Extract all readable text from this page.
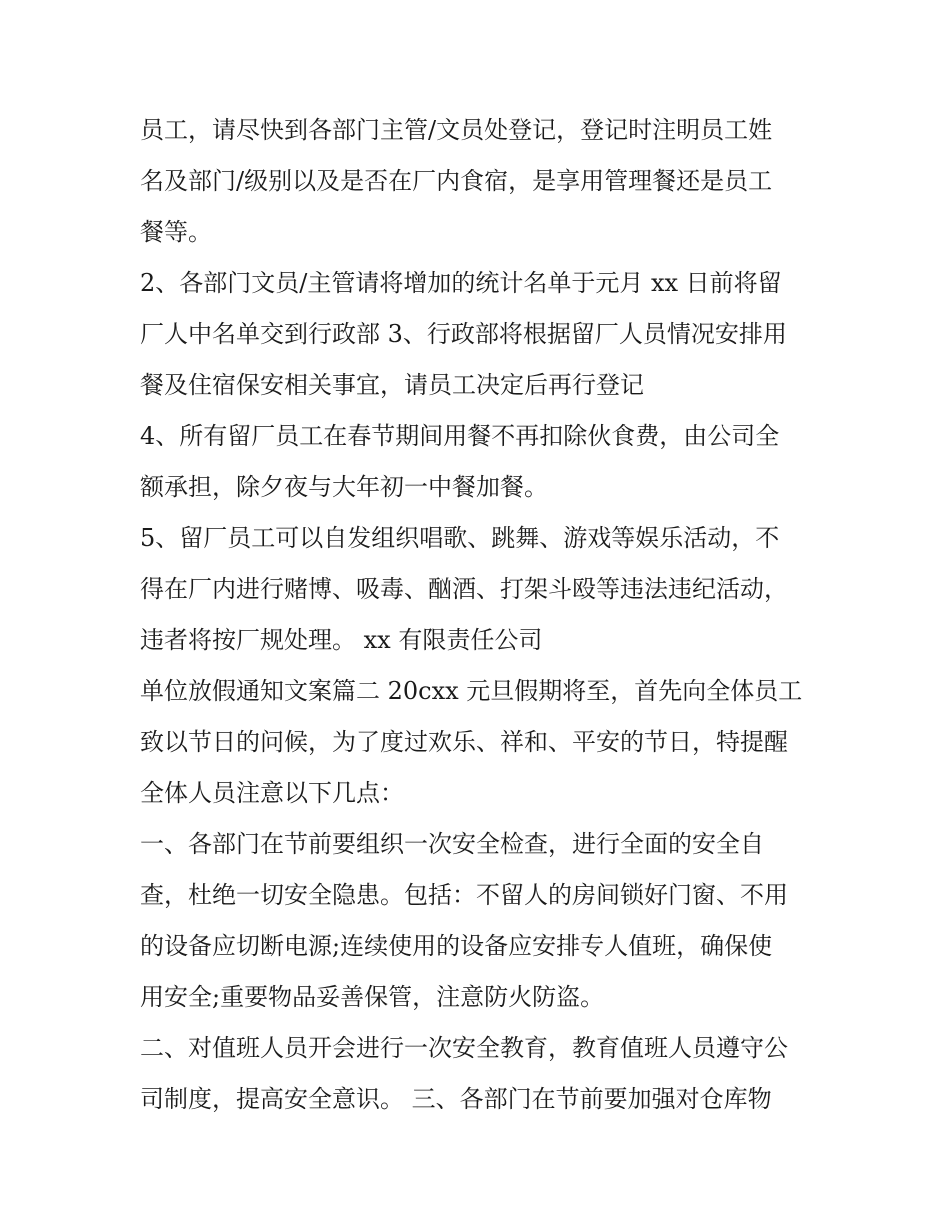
员工，请尽快到各部门主管/文员处登记，登记时注明员工姓
名及部门/级别以及是否在厂内食宿，是享用管理餐还是员工
餐等。
2、各部门文员/主管请将增加的统计名单于元月 xx 日前将留
厂人中名单交到行政部 3、行政部将根据留厂人员情况安排用
餐及住宿保安相关事宜，请员工决定后再行登记
4、所有留厂员工在春节期间用餐不再扣除伙食费，由公司全
额承担，除夕夜与大年初一中餐加餐。
5、留厂员工可以自发组织唱歌、跳舞、游戏等娱乐活动，不
得在厂内进行赌博、吸毒、酗酒、打架斗殴等违法违纪活动，
违者将按厂规处理。 xx 有限责任公司
单位放假通知文案篇二 20cxx 元旦假期将至，首先向全体员工
致以节日的问候，为了度过欢乐、祥和、平安的节日，特提醒
全体人员注意以下几点：
一、各部门在节前要组织一次安全检查，进行全面的安全自
查，杜绝一切安全隐患。包括：不留人的房间锁好门窗、不用
的设备应切断电源;连续使用的设备应安排专人值班，确保使
用安全;重要物品妥善保管，注意防火防盗。
二、对值班人员开会进行一次安全教育，教育值班人员遵守公
司制度，提高安全意识。 三、各部门在节前要加强对仓库物
